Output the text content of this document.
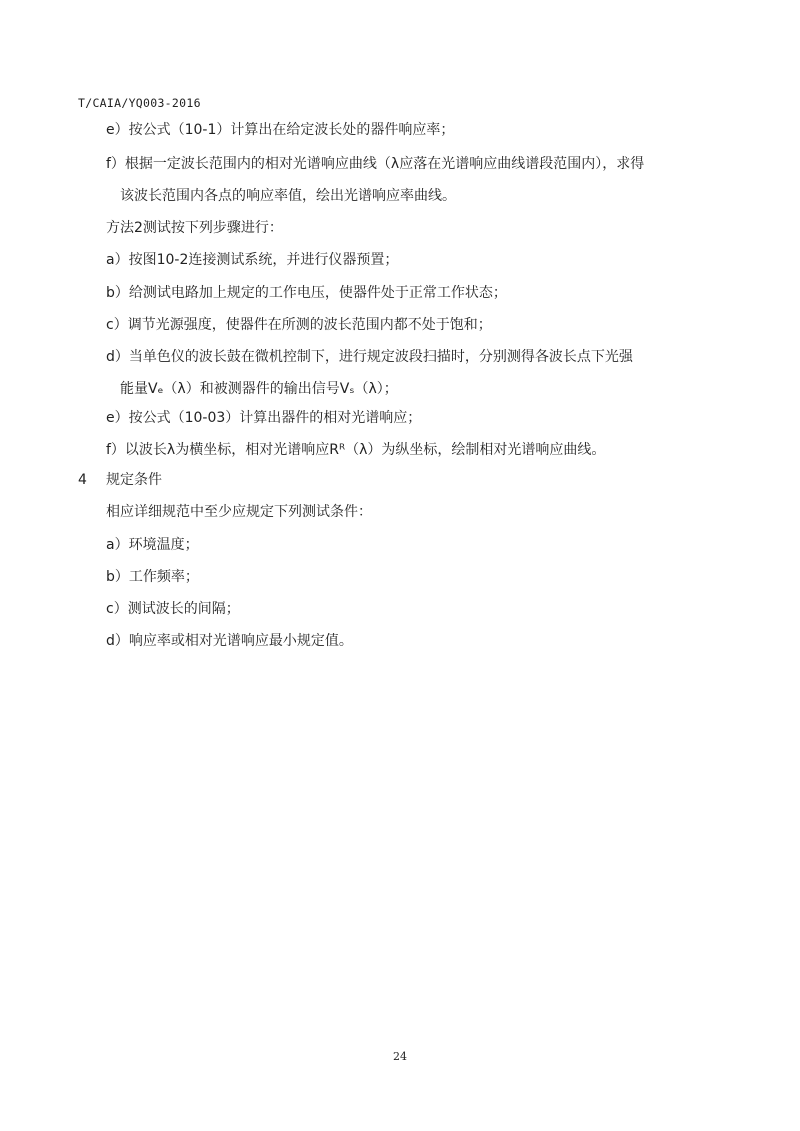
T/CAIA/YQ003-2016
e）按公式（10-1）计算出在给定波长处的器件响应率；
f）根据一定波长范围内的相对光谱响应曲线（λ应落在光谱响应曲线谱段范围内），求得
该波长范围内各点的响应率值，绘出光谱响应率曲线。
方法2测试按下列步骤进行：
a）按图10-2连接测试系统，并进行仪器预置；
b）给测试电路加上规定的工作电压，使器件处于正常工作状态；
c）调节光源强度，使器件在所测的波长范围内都不处于饱和；
d）当单色仪的波长鼓在微机控制下，进行规定波段扫描时，分别测得各波长点下光强
能量Vₑ（λ）和被测器件的输出信号Vₛ（λ）；
e）按公式（10-03）计算出器件的相对光谱响应；
f）以波长λ为横坐标，相对光谱响应Rᴿ（λ）为纵坐标，绘制相对光谱响应曲线。
4 规定条件
相应详细规范中至少应规定下列测试条件：
a）环境温度；
b）工作频率；
c）测试波长的间隔；
d）响应率或相对光谱响应最小规定值。
24
